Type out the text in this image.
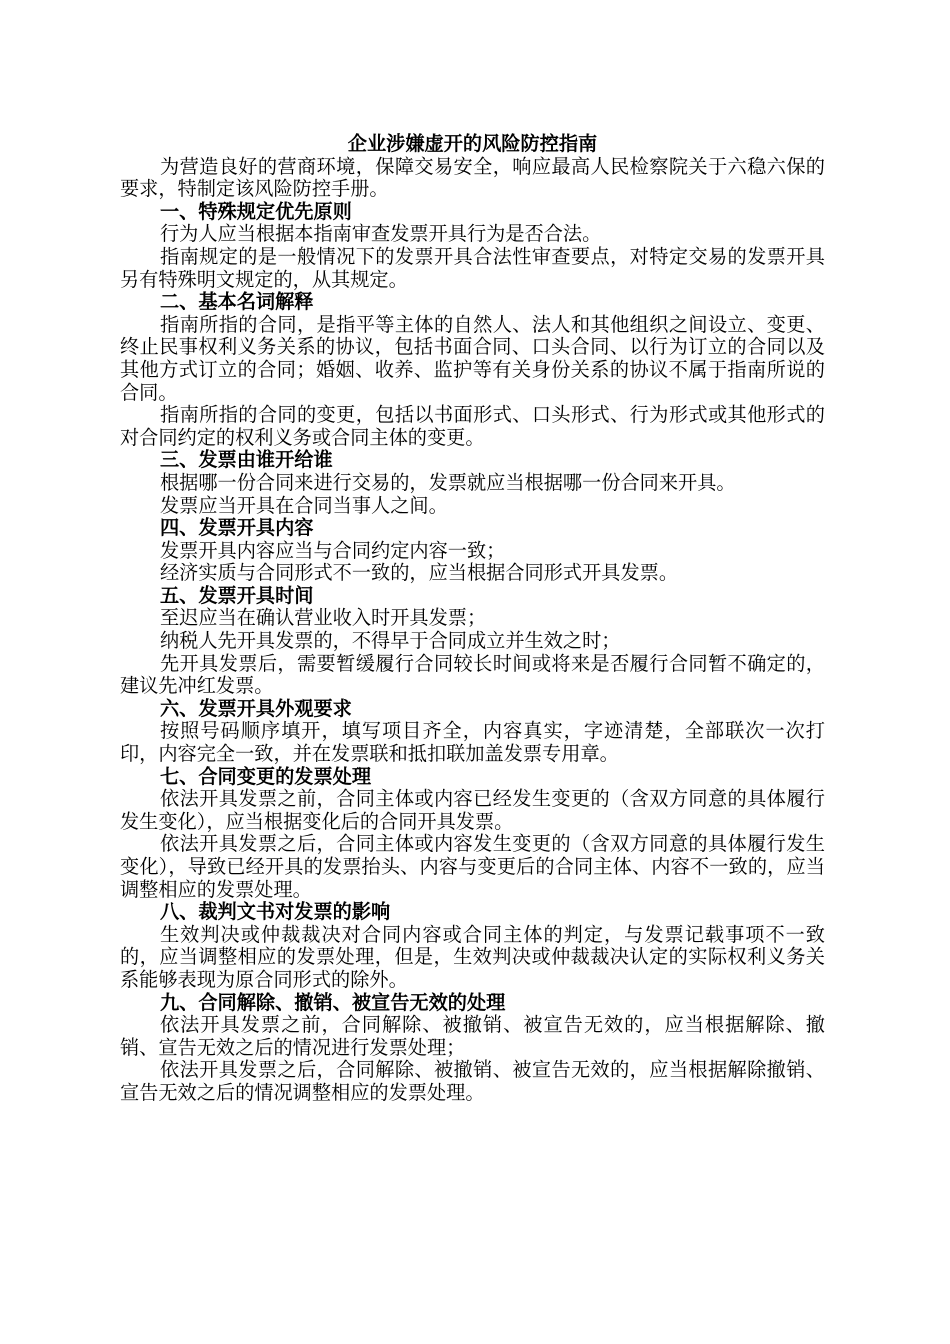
企业涉嫌虚开的风险防控指南
为营造良好的营商环境，保障交易安全，响应最高人民检察院关于六稳六保的要求，特制定该风险防控手册。
一、特殊规定优先原则
行为人应当根据本指南审查发票开具行为是否合法。
指南规定的是一般情况下的发票开具合法性审查要点，对特定交易的发票开具另有特殊明文规定的，从其规定。
二、基本名词解释
指南所指的合同，是指平等主体的自然人、法人和其他组织之间设立、变更、终止民事权利义务关系的协议，包括书面合同、口头合同、以行为订立的合同以及其他方式订立的合同；婚姻、收养、监护等有关身份关系的协议不属于指南所说的合同。
指南所指的合同的变更，包括以书面形式、口头形式、行为形式或其他形式的对合同约定的权利义务或合同主体的变更。
三、发票由谁开给谁
根据哪一份合同来进行交易的，发票就应当根据哪一份合同来开具。
发票应当开具在合同当事人之间。
四、发票开具内容
发票开具内容应当与合同约定内容一致；
经济实质与合同形式不一致的，应当根据合同形式开具发票。
五、发票开具时间
至迟应当在确认营业收入时开具发票；
纳税人先开具发票的，不得早于合同成立并生效之时；
先开具发票后，需要暂缓履行合同较长时间或将来是否履行合同暂不确定的，建议先冲红发票。
六、发票开具外观要求
按照号码顺序填开，填写项目齐全，内容真实，字迹清楚，全部联次一次打印，内容完全一致，并在发票联和抵扣联加盖发票专用章。
七、合同变更的发票处理
依法开具发票之前，合同主体或内容已经发生变更的（含双方同意的具体履行发生变化），应当根据变化后的合同开具发票。
依法开具发票之后，合同主体或内容发生变更的（含双方同意的具体履行发生变化），导致已经开具的发票抬头、内容与变更后的合同主体、内容不一致的，应当调整相应的发票处理。
八、裁判文书对发票的影响
生效判决或仲裁裁决对合同内容或合同主体的判定，与发票记载事项不一致的，应当调整相应的发票处理，但是，生效判决或仲裁裁决认定的实际权利义务关系能够表现为原合同形式的除外。
九、合同解除、撤销、被宣告无效的处理
依法开具发票之前，合同解除、被撤销、被宣告无效的，应当根据解除、撤销、宣告无效之后的情况进行发票处理；
依法开具发票之后，合同解除、被撤销、被宣告无效的，应当根据解除撤销、宣告无效之后的情况调整相应的发票处理。
